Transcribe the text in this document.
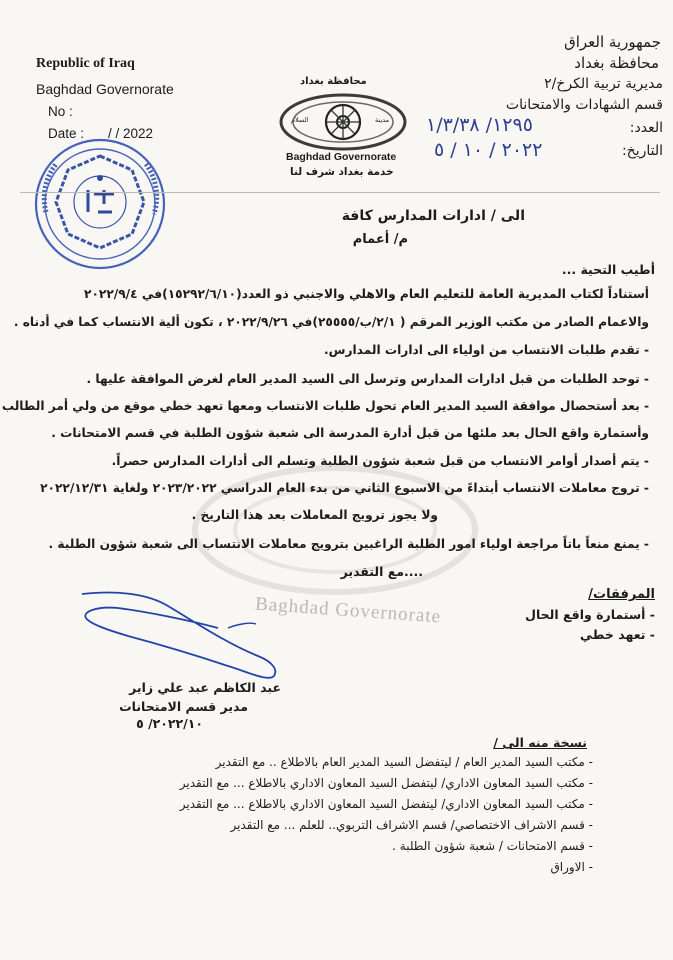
Republic of Iraq
Baghdad Governorate
No :
Date : / / 2022
محافظة بغداد
السلام	مدينة
Baghdad Governorate
خدمة بغداد شرف لنا
جمهورية العراق
محافظة بغداد
مديرية تربية الكرخ/٢
قسم الشهادات والامتحانات
العدد:
١٢٩٥/ ١/٣/٣٨
التاريخ:
٢٠٢٢ / ١٠ / ٥
الى / ادارات المدارس كافة
م/ أعمام
أطيب التحية ...
أستناداً لكتاب المديرية العامة للتعليم العام والاهلي والاجنبي ذو العدد(١٥٢٩٢/٦/١٠)في ٢٠٢٢/٩/٤
والاعمام الصادر من مكتب الوزير المرقم ( ٢/١/ب/٢٥٥٥٥)في ٢٠٢٢/٩/٢٦ ، تكون ألية الانتساب كما في أدناه .
- تقدم طلبات الانتساب من اولياء الى ادارات المدارس.
- توحد الطلبات من قبل ادارات المدارس وترسل الى السيد المدير العام لغرض الموافقة عليها .
- بعد أستحصال موافقة السيد المدير العام تحول طلبات الانتساب ومعها تعهد خطي موقع من ولي أمر الطالب
وأستمارة واقع الحال بعد ملئها من قبل أدارة المدرسة الى شعبة شؤون الطلبة في قسم الامتحانات .
- يتم أصدار أوامر الانتساب من قبل شعبة شؤون الطلبة وتسلم الى أدارات المدارس حصراً.
- تروج معاملات الانتساب أبتداءً من الاسبوع الثاني من بدء العام الدراسي ٢٠٢٣/٢٠٢٢ ولغاية ٢٠٢٢/١٢/٣١
ولا يجوز ترويج المعاملات بعد هذا التاريخ .
- يمنع منعاً باتاً مراجعة اولياء امور الطلبة الراغبين بترويج معاملات الانتساب الى شعبة شؤون الطلبة .
....مع التقدير
المرفقات/
- أستمارة واقع الحال
- تعهد خطي
Baghdad Governorate
عبد الكاظم عبد علي زاير
مدير قسم الامتحانات
٢٠٢٢/١٠/ ٥
نسخة منه الى /
- مكتب السيد المدير العام / ليتفضل السيد المدير العام بالاطلاع .. مع التقدير
- مكتب السيد المعاون الاداري/ ليتفضل السيد المعاون الاداري بالاطلاع ... مع التقدير
- مكتب السيد المعاون الاداري/ ليتفضل السيد المعاون الاداري بالاطلاع ... مع التقدير
- قسم الاشراف الاختصاصي/ قسم الاشراف التربوي.. للعلم ... مع التقدير
- قسم الامتحانات / شعبة شؤون الطلبة .
- الاوراق
